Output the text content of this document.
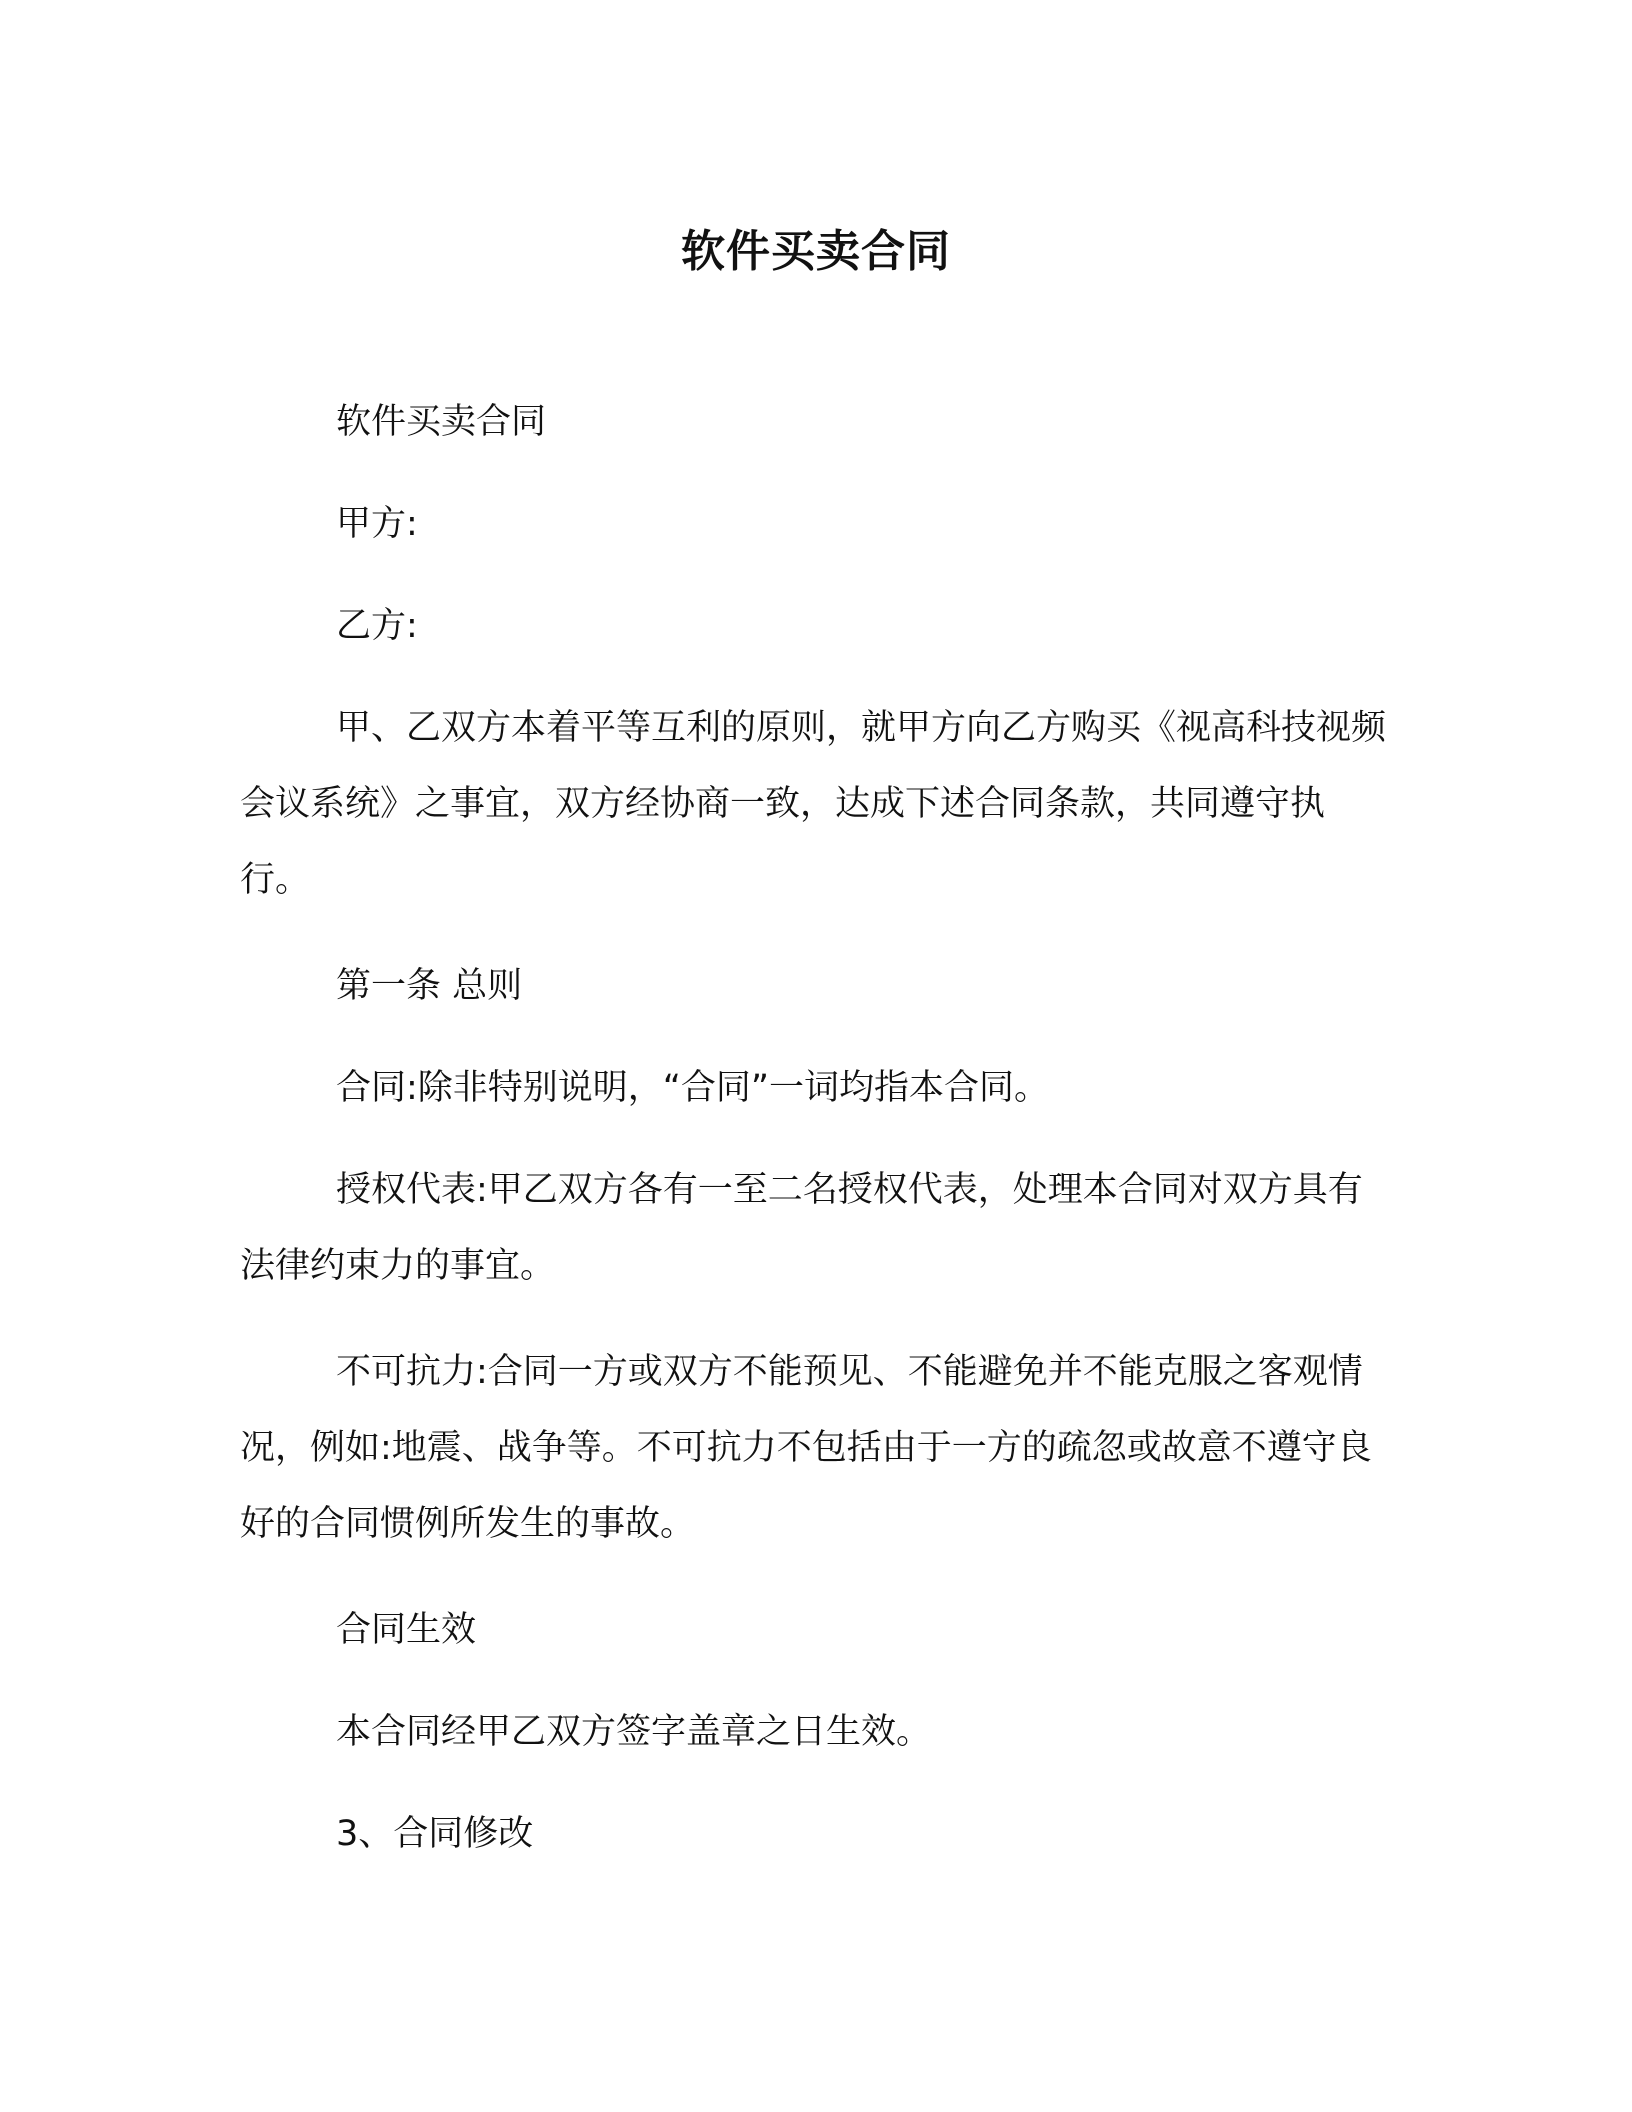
软件买卖合同

软件买卖合同

甲方:

乙方:

甲、乙双方本着平等互利的原则，就甲方向乙方购买《视高科技视频会议系统》之事宜，双方经协商一致，达成下述合同条款，共同遵守执行。

第一条 总则

合同:除非特别说明，“合同”一词均指本合同。

授权代表:甲乙双方各有一至二名授权代表，处理本合同对双方具有法律约束力的事宜。

不可抗力:合同一方或双方不能预见、不能避免并不能克服之客观情况，例如:地震、战争等。不可抗力不包括由于一方的疏忽或故意不遵守良好的合同惯例所发生的事故。

合同生效

本合同经甲乙双方签字盖章之日生效。

3、合同修改
